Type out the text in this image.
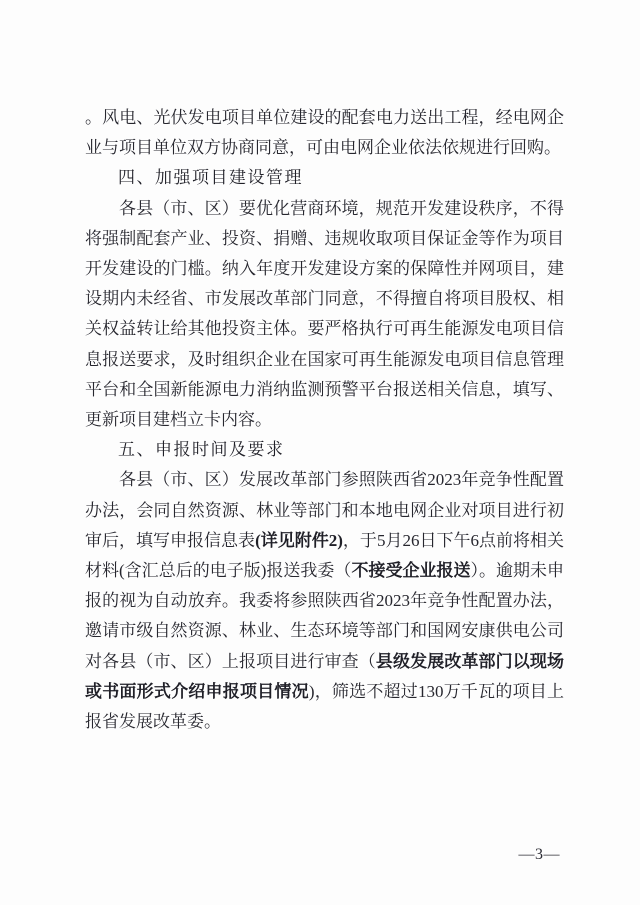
。风电、光伏发电项目单位建设的配套电力送出工程，经电网企业与项目单位双方协商同意，可由电网企业依法依规进行回购。

四、加强项目建设管理

各县（市、区）要优化营商环境，规范开发建设秩序，不得将强制配套产业、投资、捐赠、违规收取项目保证金等作为项目开发建设的门槛。纳入年度开发建设方案的保障性并网项目，建设期内未经省、市发展改革部门同意，不得擅自将项目股权、相关权益转让给其他投资主体。要严格执行可再生能源发电项目信息报送要求，及时组织企业在国家可再生能源发电项目信息管理平台和全国新能源电力消纳监测预警平台报送相关信息，填写、更新项目建档立卡内容。

五、申报时间及要求

各县（市、区）发展改革部门参照陕西省2023年竞争性配置办法，会同自然资源、林业等部门和本地电网企业对项目进行初审后，填写申报信息表(详见附件2)，于5月26日下午6点前将相关材料(含汇总后的电子版)报送我委（不接受企业报送）。逾期未申报的视为自动放弃。我委将参照陕西省2023年竞争性配置办法，邀请市级自然资源、林业、生态环境等部门和国网安康供电公司对各县（市、区）上报项目进行审查（县级发展改革部门以现场或书面形式介绍申报项目情况)，筛选不超过130万千瓦的项目上报省发展改革委。

—3—
